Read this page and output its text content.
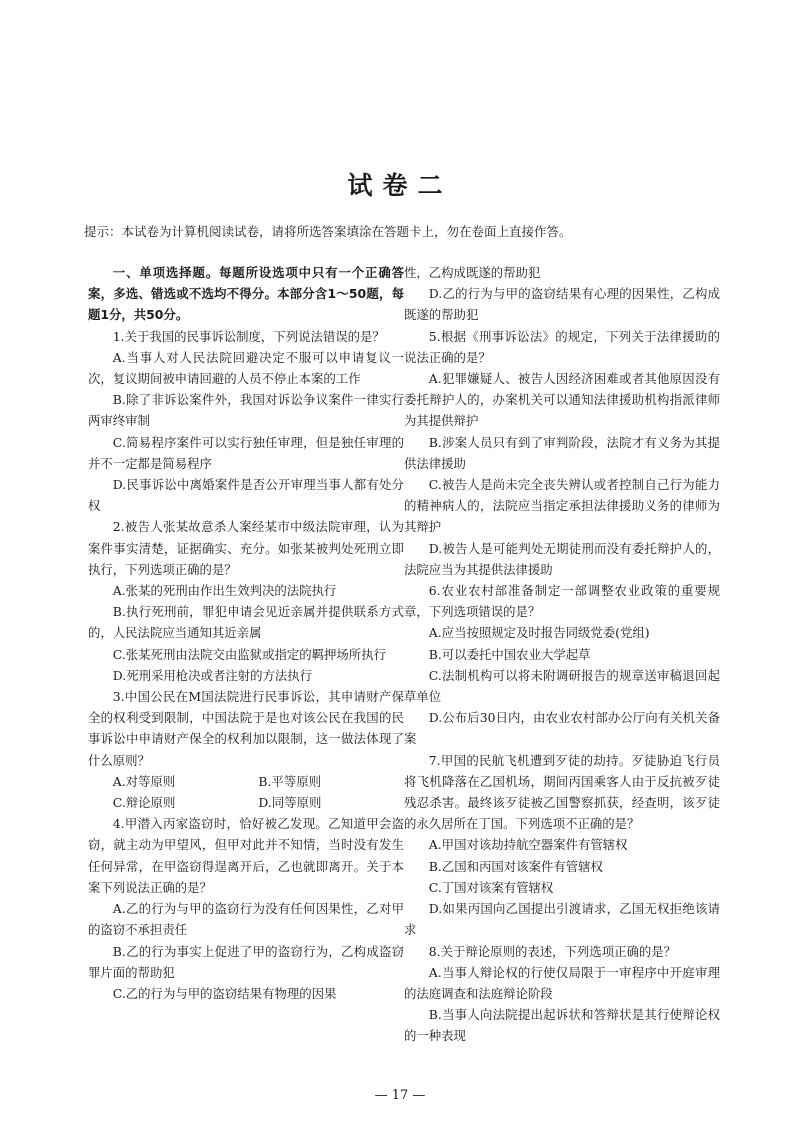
试卷二
提示：本试卷为计算机阅读试卷，请将所选答案填涂在答题卡上，勿在卷面上直接作答。

一、单项选择题。每题所设选项中只有一个正确答案，多选、错选或不选均不得分。本部分含1～50题，每题1分，共50分。

1.关于我国的民事诉讼制度，下列说法错误的是？

A.当事人对人民法院回避决定不服可以申请复议一次，复议期间被申请回避的人员不停止本案的工作

B.除了非诉讼案件外，我国对诉讼争议案件一律实行两审终审制

C.简易程序案件可以实行独任审理，但是独任审理的并不一定都是简易程序

D.民事诉讼中离婚案件是否公开审理当事人都有处分权

2.被告人张某故意杀人案经某市中级法院审理，认为案件事实清楚，证据确实、充分。如张某被判处死刑立即执行，下列选项正确的是？

A.张某的死刑由作出生效判决的法院执行

B.执行死刑前，罪犯申请会见近亲属并提供联系方式的，人民法院应当通知其近亲属

C.张某死刑由法院交由监狱或指定的羁押场所执行

D.死刑采用枪决或者注射的方法执行

3.中国公民在M国法院进行民事诉讼，其申请财产保全的权利受到限制，中国法院于是也对该公民在我国的民事诉讼中申请财产保全的权利加以限制，这一做法体现了什么原则？

A.对等原则	B.平等原则
C.辩论原则	D.同等原则

4.甲潜入丙家盗窃时，恰好被乙发现。乙知道甲会盗窃，就主动为甲望风，但甲对此并不知情，当时没有发生任何异常，在甲盗窃得逞离开后，乙也就即离开。关于本案下列说法正确的是？

A.乙的行为与甲的盗窃行为没有任何因果性，乙对甲的盗窃不承担责任

B.乙的行为事实上促进了甲的盗窃行为，乙构成盗窃罪片面的帮助犯

C.乙的行为与甲的盗窃结果有物理的因果

性，乙构成既遂的帮助犯

D.乙的行为与甲的盗窃结果有心理的因果性，乙构成既遂的帮助犯

5.根据《刑事诉讼法》的规定，下列关于法律援助的说法正确的是？

A.犯罪嫌疑人、被告人因经济困难或者其他原因没有委托辩护人的，办案机关可以通知法律援助机构指派律师为其提供辩护

B.涉案人员只有到了审判阶段，法院才有义务为其提供法律援助

C.被告人是尚未完全丧失辨认或者控制自己行为能力的精神病人的，法院应当指定承担法律援助义务的律师为其辩护

D.被告人是可能判处无期徒刑而没有委托辩护人的，法院应当为其提供法律援助

6.农业农村部准备制定一部调整农业政策的重要规章，下列选项错误的是？

A.应当按照规定及时报告同级党委(党组)

B.可以委托中国农业大学起草

C.法制机构可以将未附调研报告的规章送审稿退回起草单位

D.公布后30日内，由农业农村部办公厅向有关机关备案

7.甲国的民航飞机遭到歹徒的劫持。歹徒胁迫飞行员将飞机降落在乙国机场，期间丙国乘客人由于反抗被歹徒残忍杀害。最终该歹徒被乙国警察抓获，经查明，该歹徒的永久居所在丁国。下列选项不正确的是？

A.甲国对该劫持航空器案件有管辖权

B.乙国和丙国对该案件有管辖权

C.丁国对该案有管辖权

D.如果丙国向乙国提出引渡请求，乙国无权拒绝该请求

8.关于辩论原则的表述，下列选项正确的是？

A.当事人辩论权的行使仅局限于一审程序中开庭审理的法庭调查和法庭辩论阶段

B.当事人向法院提出起诉状和答辩状是其行使辩论权的一种表现

— 17 —
